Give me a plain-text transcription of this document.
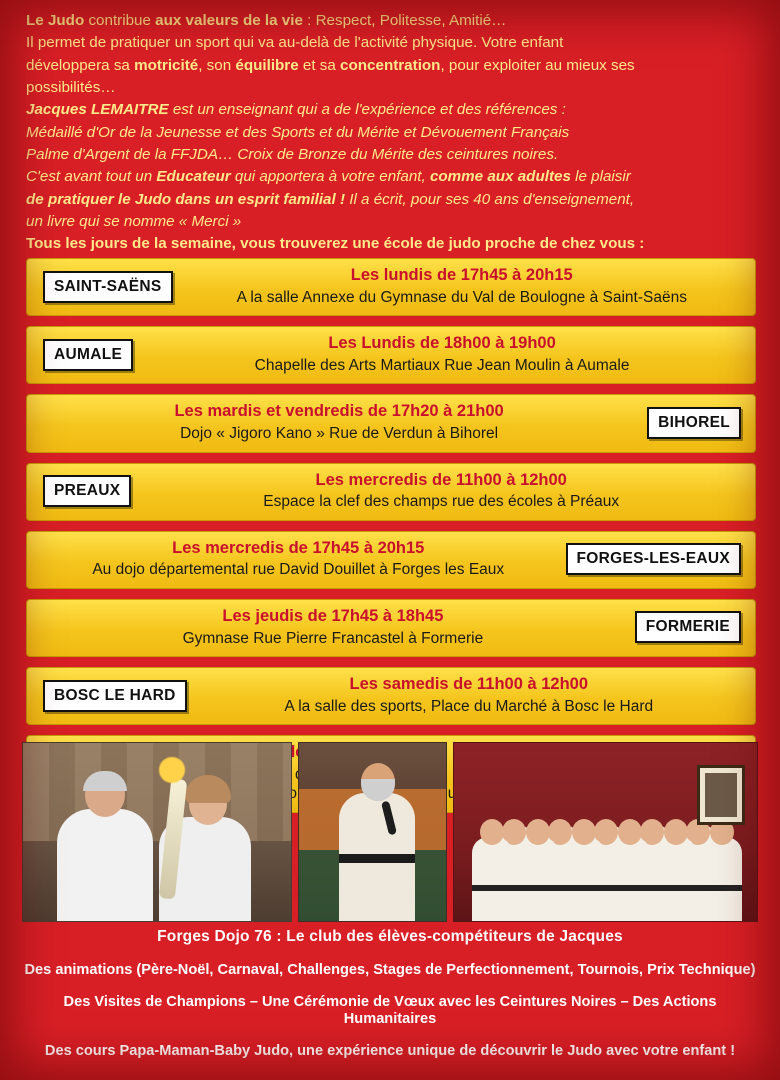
Le Judo contribue aux valeurs de la vie : Respect, Politesse, Amitié…

Il permet de pratiquer un sport qui va au-delà de l'activité physique. Votre enfant

développera sa motricité, son équilibre et sa concentration, pour exploiter au mieux ses

possibilités…

Jacques LEMAITRE est un enseignant qui a de l'expérience et des références :

Médaillé d'Or de la Jeunesse et des Sports et du Mérite et Dévouement Français

Palme d'Argent de la FFJDA… Croix de Bronze du Mérite des ceintures noires.

C'est avant tout un Educateur qui apportera à votre enfant, comme aux adultes le plaisir

de pratiquer le Judo dans un esprit familial ! Il a écrit, pour ses 40 ans d'enseignement,

un livre qui se nomme « Merci »

Tous les jours de la semaine, vous trouverez une école de judo proche de chez vous :

SAINT-SAËNS
Les lundis de 17h45 à 20h15
A la salle Annexe du Gymnase du Val de Boulogne à Saint-Saëns
AUMALE
Les Lundis de 18h00 à 19h00
Chapelle des Arts Martiaux Rue Jean Moulin à Aumale
Les mardis et vendredis de 17h20 à 21h00
Dojo « Jigoro Kano » Rue de Verdun à Bihorel
BIHOREL
PREAUX
Les mercredis de 11h00 à 12h00
Espace la clef des champs rue des écoles à Préaux
Les mercredis de 17h45 à 20h15
Au dojo départemental rue David Douillet à Forges les Eaux
FORGES-LES-EAUX
Les jeudis de 17h45 à 18h45
Gymnase Rue Pierre Francastel à Formerie
FORMERIE
BOSC LE HARD
Les samedis de 11h00 à 12h00
A la salle des sports, Place du Marché à Bosc le Hard
de
Forges Dojo 76 : Le club des élèves-compétiteurs de Jacques
Des animations (Père-Noël, Carnaval, Challenges, Stages de Perfectionnement, Tournois, Prix Technique)
Des Visites de Champions – Une Cérémonie de Vœux avec les Ceintures Noires – Des Actions Humanitaires
Des cours Papa-Maman-Baby Judo, une expérience unique de découvrir le Judo avec votre enfant !
